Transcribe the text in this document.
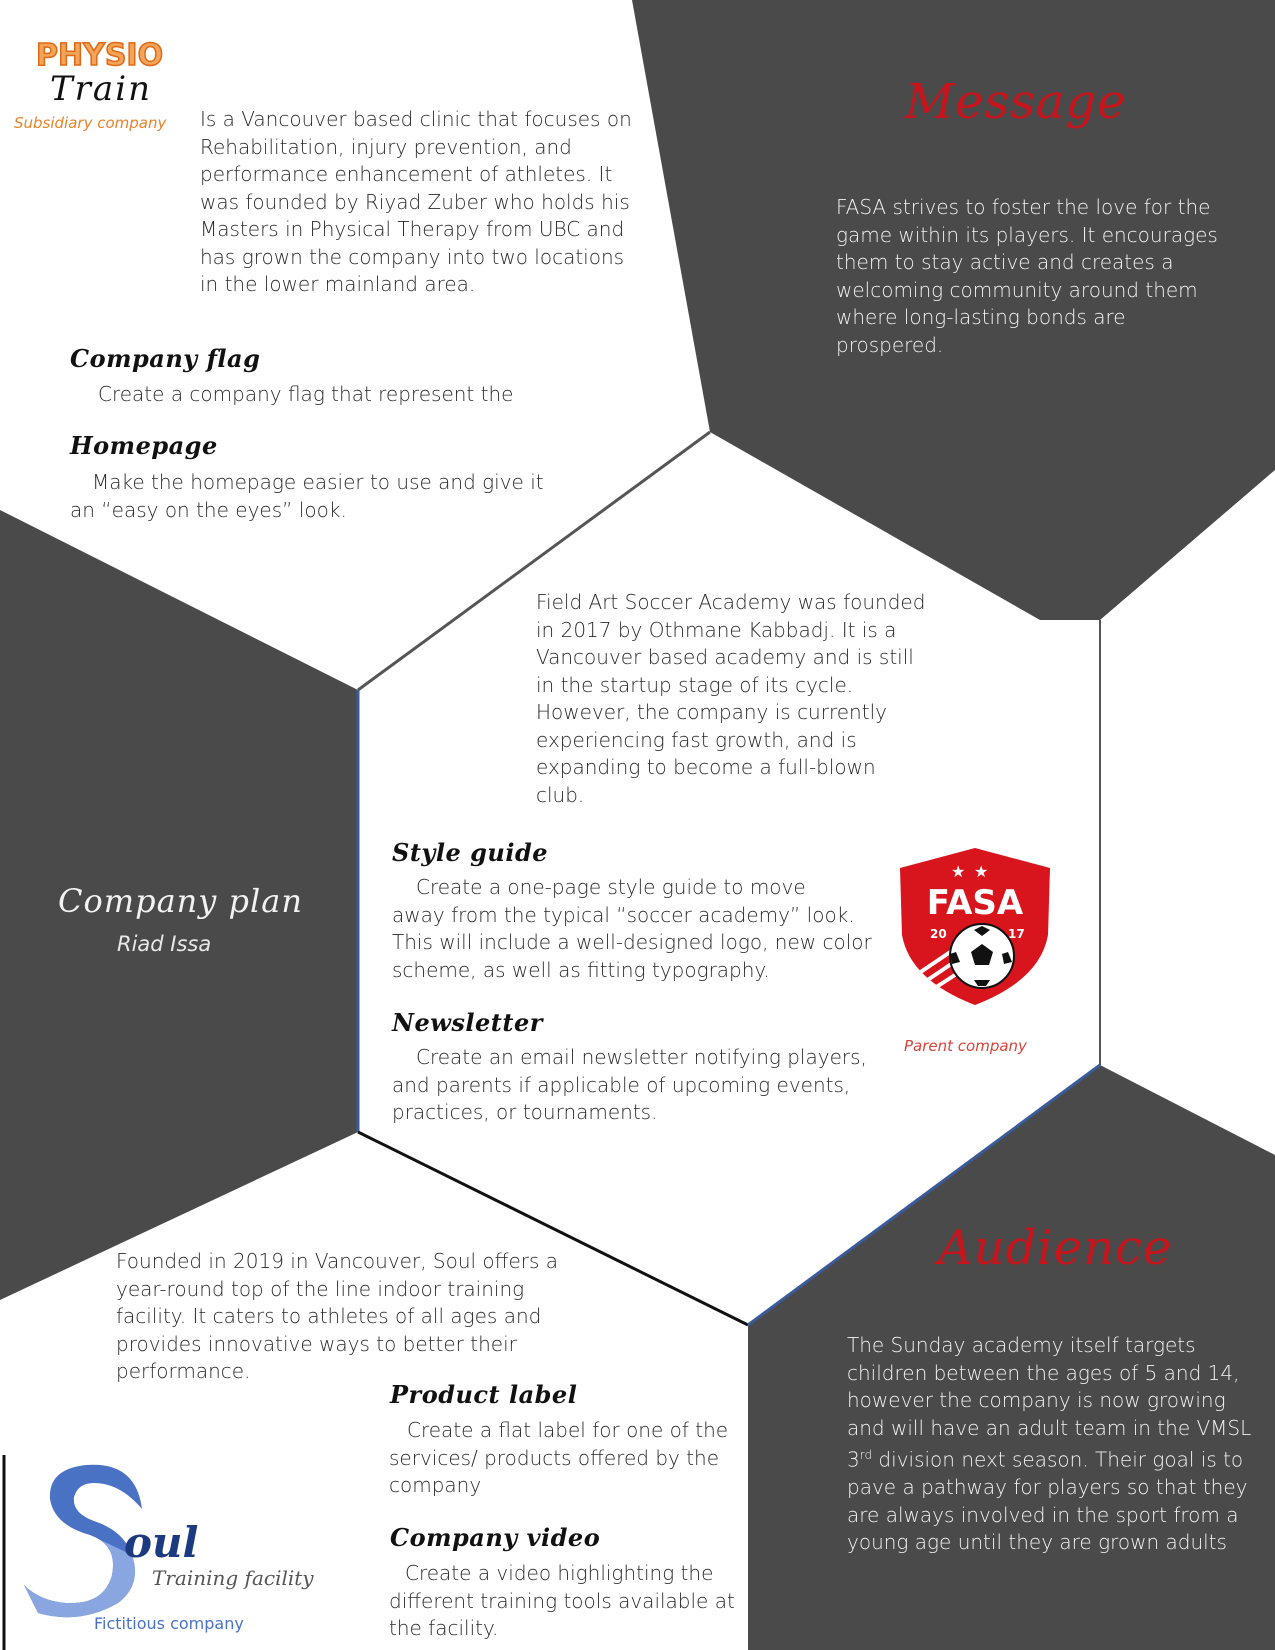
PHYSIO
Train
Subsidiary company Is a Vancouver based clinic that focuses on
Rehabilitation, injury prevention, and
performance enhancement of athletes. It
was founded by Riyad Zuber who holds his
Masters in Physical Therapy from UBC and
has grown the company into two locations
in the lower mainland area.
Company flag
Create a company flag that represent the
Homepage
Make the homepage easier to use and give it
an “easy on the eyes” look.
Message
FASA strives to foster the love for the
game within its players. It encourages
them to stay active and creates a
welcoming community around them
where long-lasting bonds are
prospered.
Field Art Soccer Academy was founded
in 2017 by Othmane Kabbadj. It is a
Vancouver based academy and is still
in the startup stage of its cycle.
However, the company is currently
experiencing fast growth, and is
expanding to become a full-blown
club.
Style guide
Create a one-page style guide to move
away from the typical “soccer academy” look.
This will include a well-designed logo, new color
scheme, as well as fitting typography.
Newsletter
Create an email newsletter notifying players,
and parents if applicable of upcoming events,
practices, or tournaments.
★ ★
FASA
20	17
Parent company
Company plan
Riad Issa
Audience
The Sunday academy itself targets
children between the ages of 5 and 14,
however the company is now growing
and will have an adult team in the VMSL
3rd division next season. Their goal is to
pave a pathway for players so that they
are always involved in the sport from a
young age until they are grown adults
Founded in 2019 in Vancouver, Soul offers a
year-round top of the line indoor training
facility. It caters to athletes of all ages and
provides innovative ways to better their
performance.
Product label
Create a flat label for one of the
services/ products offered by the
company
Company video
Create a video highlighting the
different training tools available at
the facility.
oul
Training facility
Fictitious company
